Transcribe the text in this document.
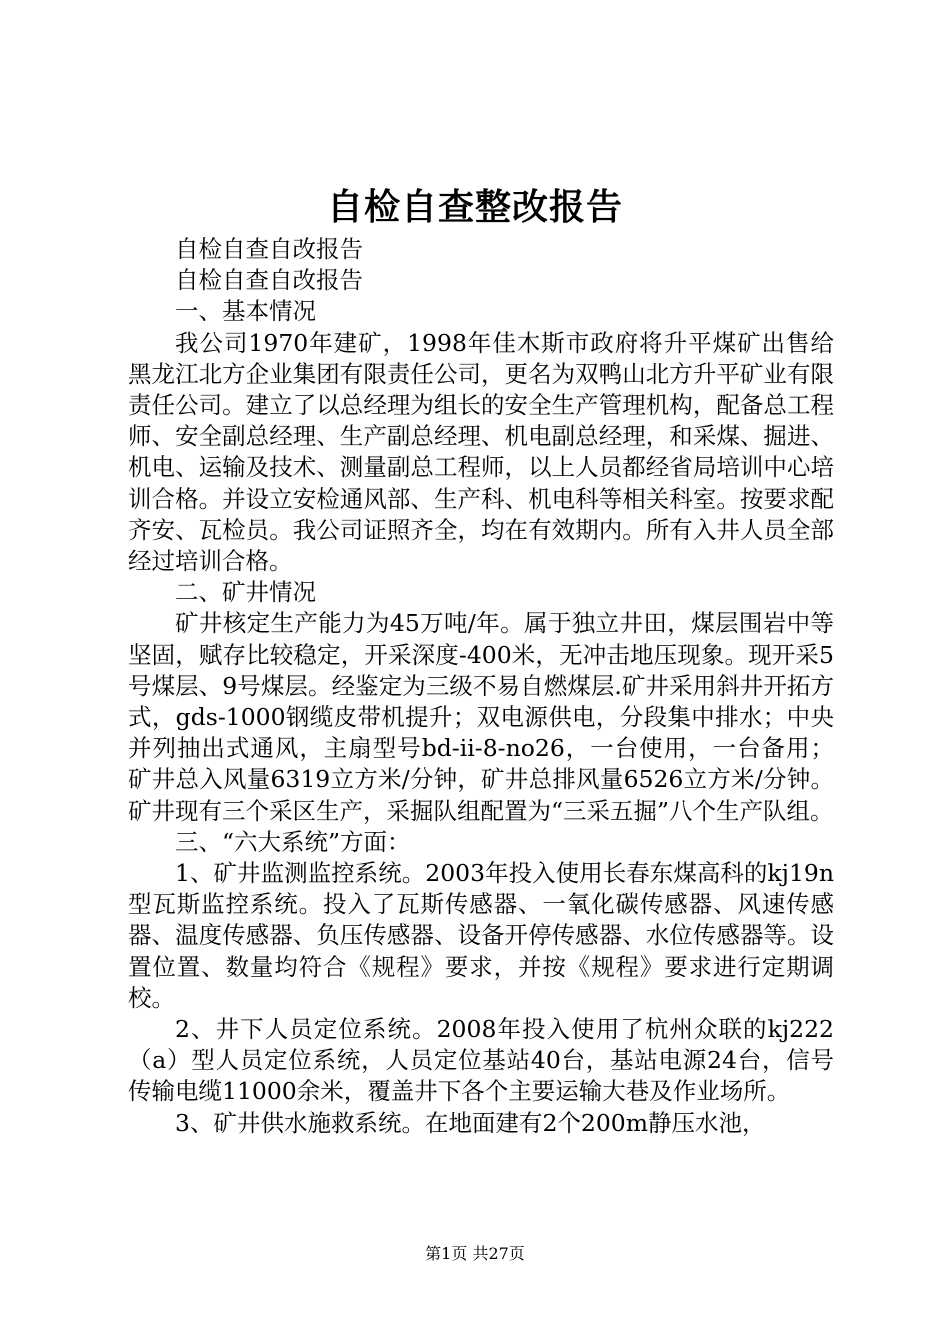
自检自查整改报告

自检自查自改报告

自检自查自改报告

一、基本情况

我公司1970年建矿，1998年佳木斯市政府将升平煤矿出售给黑龙江北方企业集团有限责任公司，更名为双鸭山北方升平矿业有限责任公司。建立了以总经理为组长的安全生产管理机构，配备总工程师、安全副总经理、生产副总经理、机电副总经理，和采煤、掘进、机电、运输及技术、测量副总工程师，以上人员都经省局培训中心培训合格。并设立安检通风部、生产科、机电科等相关科室。按要求配齐安、瓦检员。我公司证照齐全，均在有效期内。所有入井人员全部经过培训合格。

二、矿井情况

矿井核定生产能力为45万吨/年。属于独立井田，煤层围岩中等坚固，赋存比较稳定，开采深度-400米，无冲击地压现象。现开采5号煤层、9号煤层。经鉴定为三级不易自燃煤层.矿井采用斜井开拓方式，gds-1000钢缆皮带机提升；双电源供电，分段集中排水；中央并列抽出式通风，主扇型号bd-ii-8-no26，一台使用，一台备用；矿井总入风量6319立方米/分钟，矿井总排风量6526立方米/分钟。矿井现有三个采区生产，采掘队组配置为“三采五掘”八个生产队组。

三、“六大系统”方面：

1、矿井监测监控系统。2003年投入使用长春东煤高科的kj19n型瓦斯监控系统。投入了瓦斯传感器、一氧化碳传感器、风速传感器、温度传感器、负压传感器、设备开停传感器、水位传感器等。设置位置、数量均符合《规程》要求，并按《规程》要求进行定期调校。

2、井下人员定位系统。2008年投入使用了杭州众联的kj222（a）型人员定位系统，人员定位基站40台，基站电源24台，信号传输电缆11000余米，覆盖井下各个主要运输大巷及作业场所。

3、矿井供水施救系统。在地面建有2个200m静压水池，

第1页 共27页
